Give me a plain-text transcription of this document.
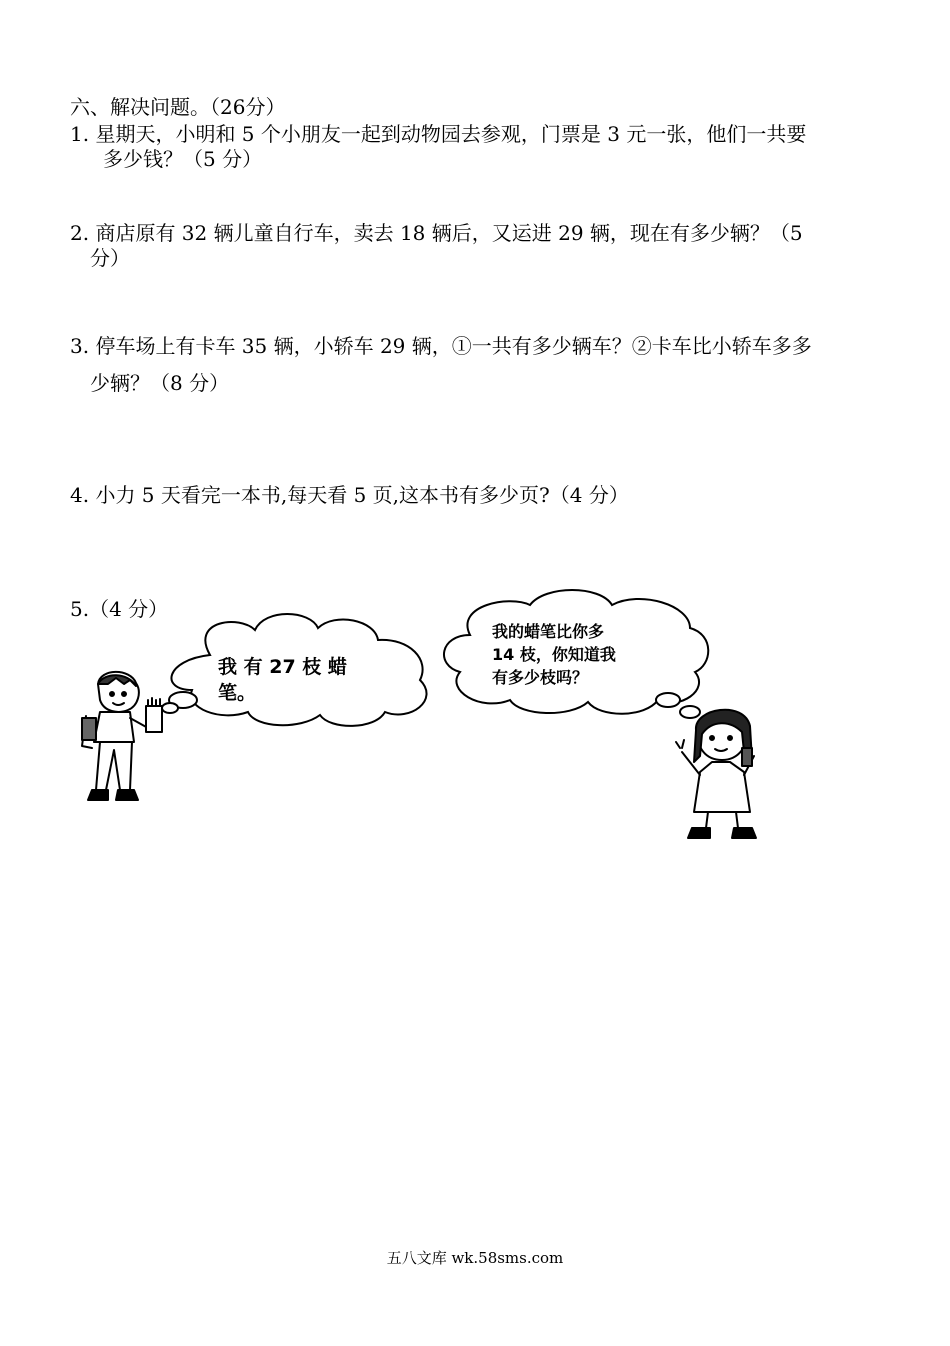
六、解决问题。（26分）
1. 星期天，小明和 5 个小朋友一起到动物园去参观，门票是 3 元一张，他们一共要
多少钱？（5 分）
2. 商店原有 32 辆儿童自行车，卖去 18 辆后，又运进 29 辆，现在有多少辆？（5
分）
3. 停车场上有卡车 35 辆，小轿车 29 辆，①一共有多少辆车？②卡车比小轿车多多
少辆？（8 分）
4. 小力 5 天看完一本书,每天看 5 页,这本书有多少页?（4 分）
5.（4 分）
我 有 27 枝 蜡
笔。
我的蜡笔比你多
14 枝，你知道我
有多少枝吗？
五八文库 wk.58sms.com
